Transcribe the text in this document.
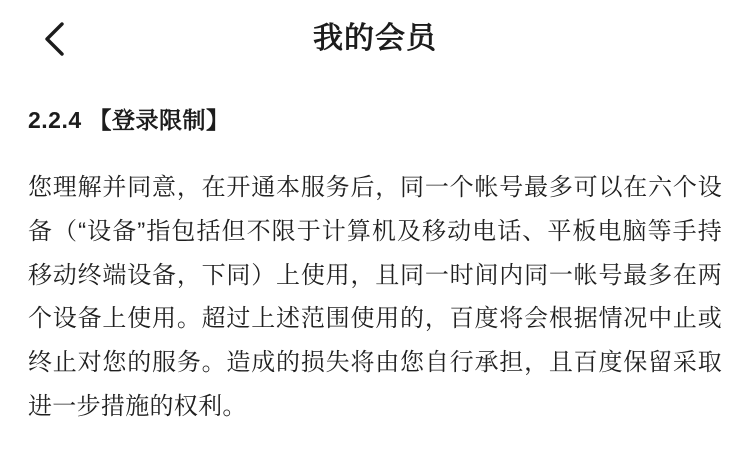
我的会员
2.2.4 【登录限制】

您理解并同意，在开通本服务后，同一个帐号最多可以在六个设备（“设备”指包括但不限于计算机及移动电话、平板电脑等手持移动终端设备，下同）上使用，且同一时间内同一帐号最多在两个设备上使用。超过上述范围使用的，百度将会根据情况中止或终止对您的服务。造成的损失将由您自行承担，且百度保留采取进一步措施的权利。
